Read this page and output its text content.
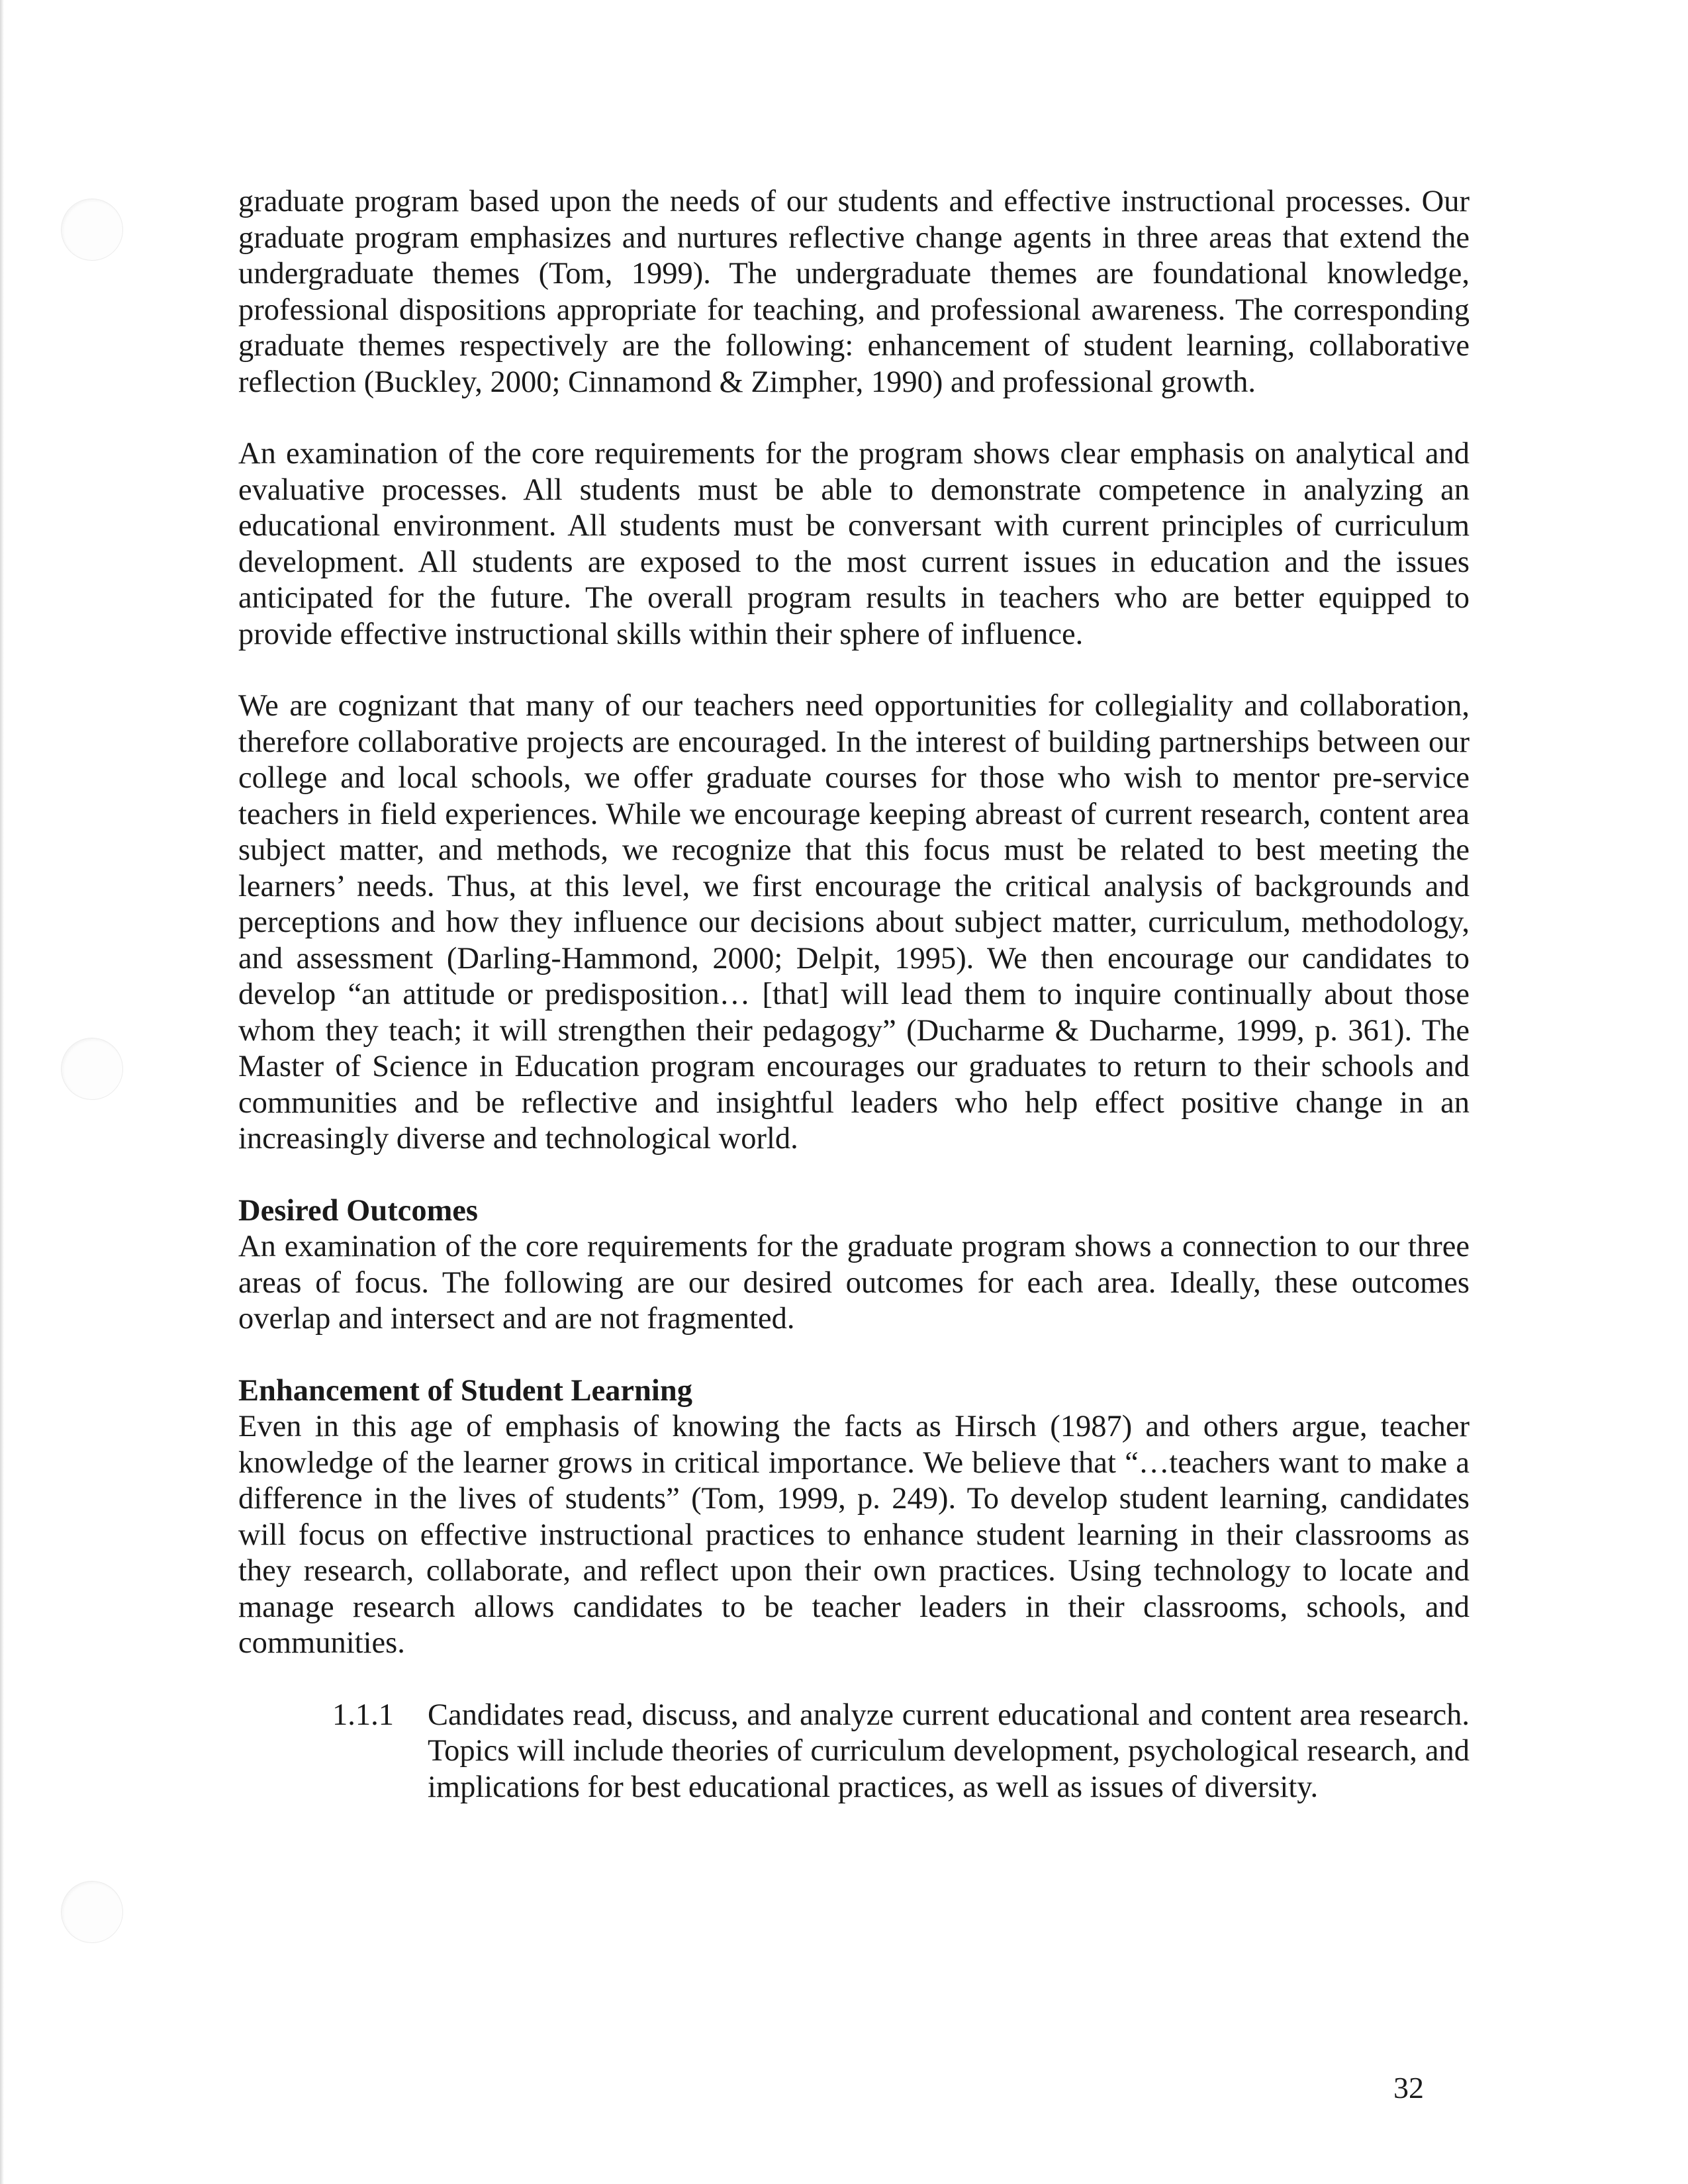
graduate program based upon the needs of our students and effective instructional processes. Our graduate program emphasizes and nurtures reflective change agents in three areas that extend the undergraduate themes (Tom, 1999). The undergraduate themes are foundational knowledge, professional dispositions appropriate for teaching, and professional awareness. The corresponding graduate themes respectively are the following: enhancement of student learning, collaborative reflection (Buckley, 2000; Cinnamond & Zimpher, 1990) and professional growth.

An examination of the core requirements for the program shows clear emphasis on analytical and evaluative processes. All students must be able to demonstrate competence in analyzing an educational environment. All students must be conversant with current principles of curriculum development. All students are exposed to the most current issues in education and the issues anticipated for the future. The overall program results in teachers who are better equipped to provide effective instructional skills within their sphere of influence.

We are cognizant that many of our teachers need opportunities for collegiality and collaboration, therefore collaborative projects are encouraged. In the interest of building partnerships between our college and local schools, we offer graduate courses for those who wish to mentor pre-service teachers in field experiences. While we encourage keeping abreast of current research, content area subject matter, and methods, we recognize that this focus must be related to best meeting the learners’ needs. Thus, at this level, we first encourage the critical analysis of backgrounds and perceptions and how they influence our decisions about subject matter, curriculum, methodology, and assessment (Darling-Hammond, 2000; Delpit, 1995). We then encourage our candidates to develop “an attitude or predisposition… [that] will lead them to inquire continually about those whom they teach; it will strengthen their pedagogy” (Ducharme & Ducharme, 1999, p. 361). The Master of Science in Education program encourages our graduates to return to their schools and communities and be reflective and insightful leaders who help effect positive change in an increasingly diverse and technological world.

Desired Outcomes

An examination of the core requirements for the graduate program shows a connection to our three areas of focus. The following are our desired outcomes for each area. Ideally, these outcomes overlap and intersect and are not fragmented.

Enhancement of Student Learning

Even in this age of emphasis of knowing the facts as Hirsch (1987) and others argue, teacher knowledge of the learner grows in critical importance. We believe that “…teachers want to make a difference in the lives of students” (Tom, 1999, p. 249). To develop student learning, candidates will focus on effective instructional practices to enhance student learning in their classrooms as they research, collaborate, and reflect upon their own practices. Using technology to locate and manage research allows candidates to be teacher leaders in their classrooms, schools, and communities.

1.1.1 Candidates read, discuss, and analyze current educational and content area research. Topics will include theories of curriculum development, psychological research, and implications for best educational practices, as well as issues of diversity.
32
